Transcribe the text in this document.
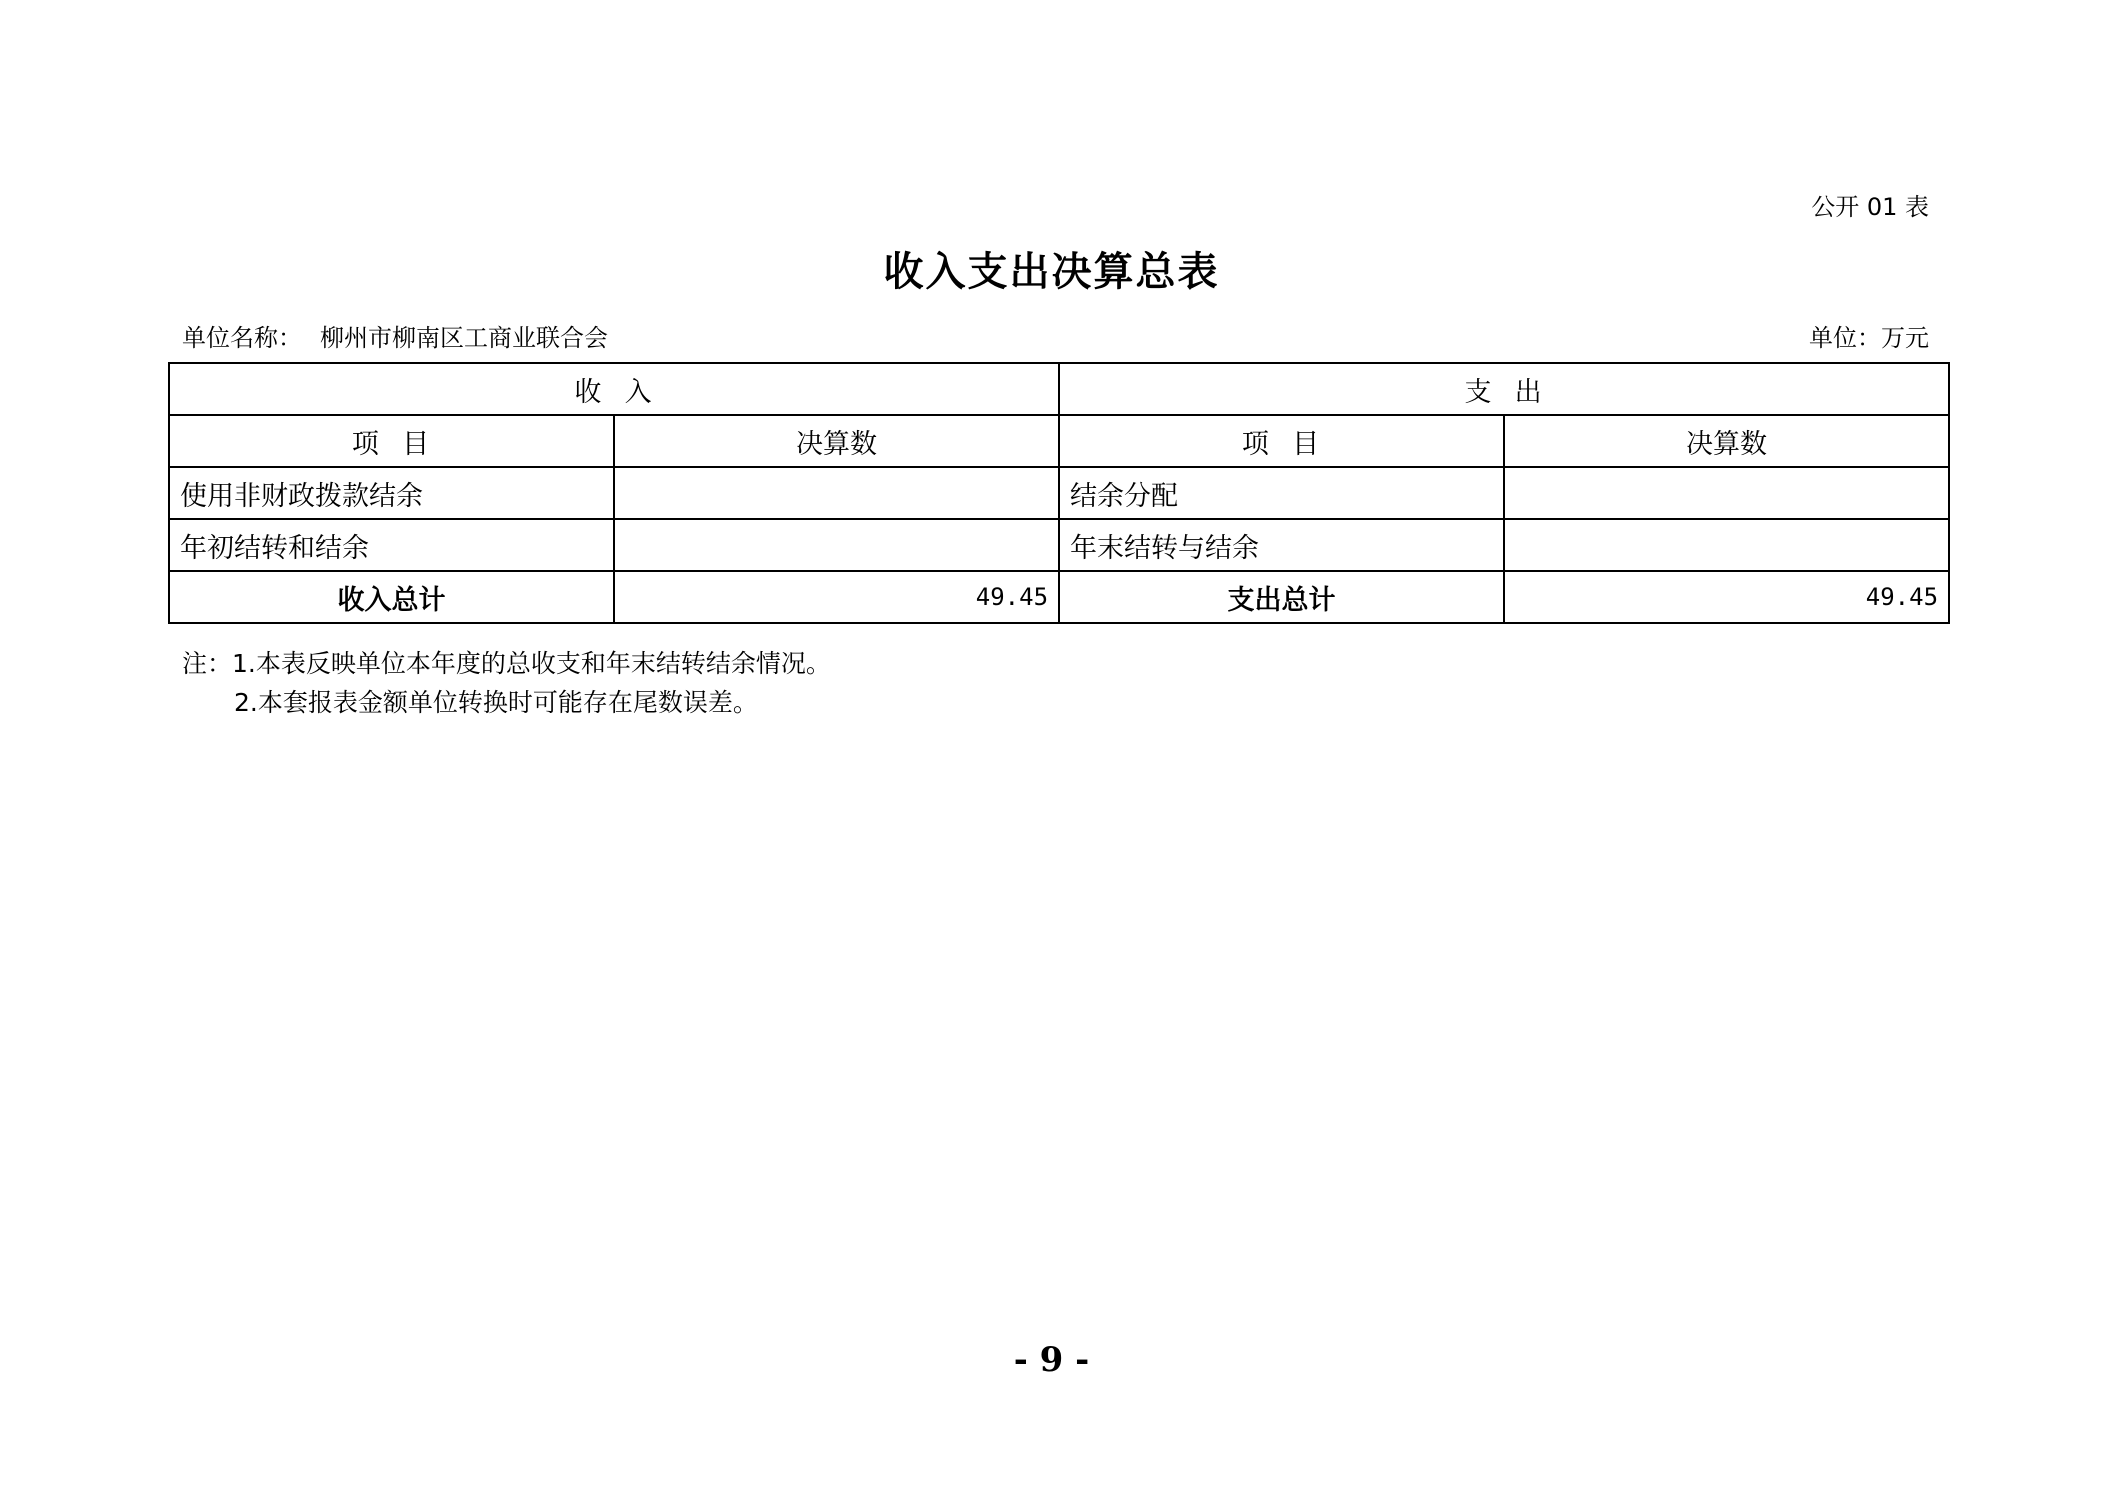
公开 01 表
收入支出决算总表
单位名称： 柳州市柳南区工商业联合会	单位：万元
收  入		支  出	
项  目	决算数	项  目	决算数
使用非财政拨款结余		结余分配	
年初结转和结余		年末结转与结余	
收入总计	49.45	支出总计	49.45
注：1.本表反映单位本年度的总收支和年末结转结余情况。
2.本套报表金额单位转换时可能存在尾数误差。
- 9 -
